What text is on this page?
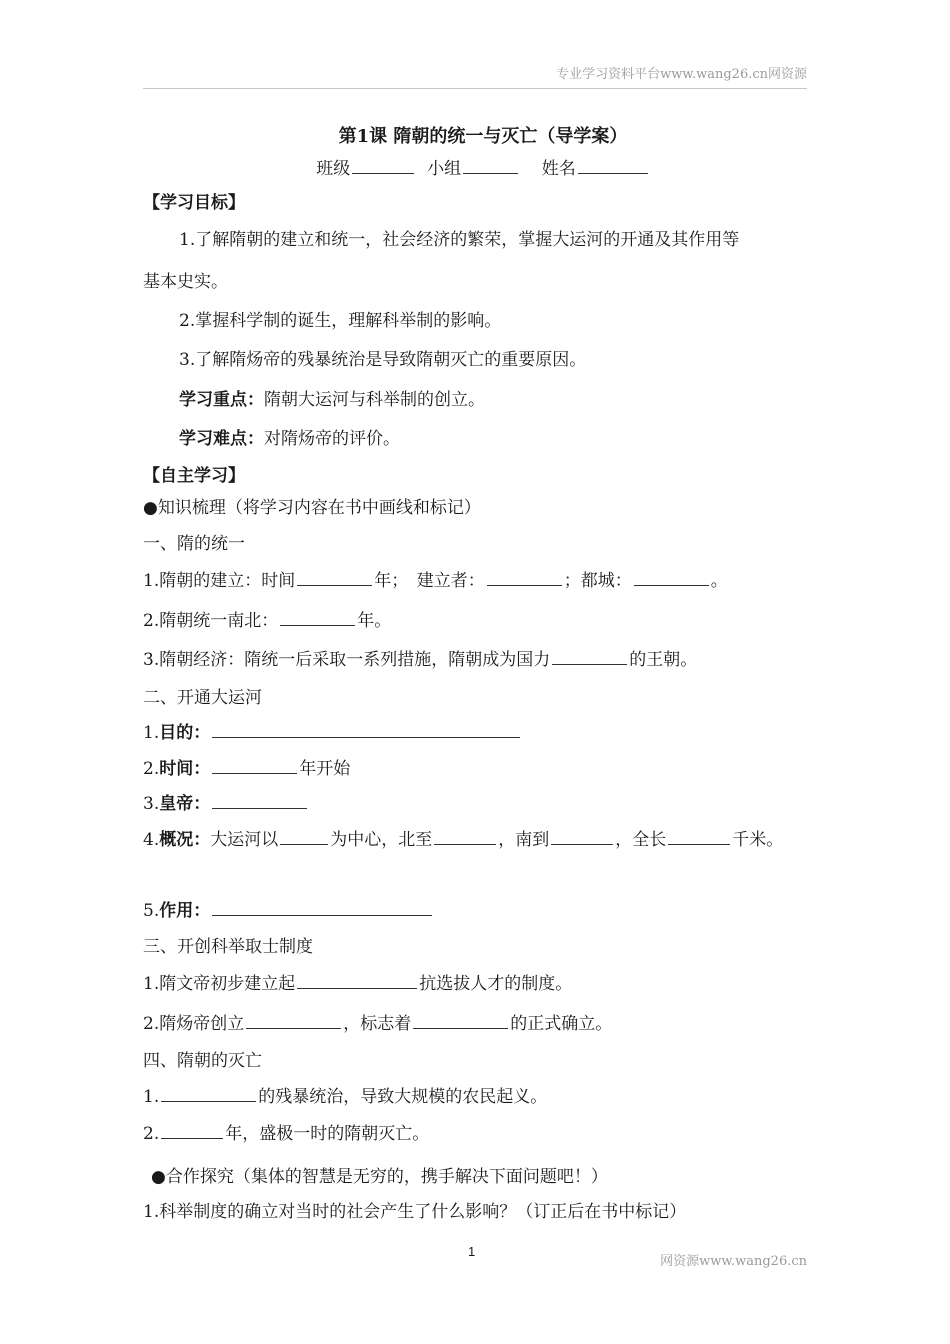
专业学习资料平台www.wang26.cn网资源

第1课 隋朝的统一与灭亡（导学案）

班级	小组	姓名

【学习目标】

1.了解隋朝的建立和统一，社会经济的繁荣，掌握大运河的开通及其作用等

基本史实。

2.掌握科学制的诞生，理解科举制的影响。

3.了解隋炀帝的残暴统治是导致隋朝灭亡的重要原因。

学习重点：隋朝大运河与科举制的创立。

学习难点：对隋炀帝的评价。

【自主学习】

●知识梳理（将学习内容在书中画线和标记）

一、隋的统一

1.隋朝的建立：时间	年；　建立者：	；都城：	。

2.隋朝统一南北：	年。

3.隋朝经济：隋统一后采取一系列措施，隋朝成为国力	的王朝。

二、开通大运河

1.目的：

2.时间：	年开始

3.皇帝：

4.概况：大运河以	为中心，北至	，南到	，全长	千米。

5.作用：

三、开创科举取士制度

1.隋文帝初步建立起	抗选拔人才的制度。

2.隋炀帝创立	，标志着	的正式确立。

四、隋朝的灭亡

1.	的残暴统治，导致大规模的农民起义。

2.	年，盛极一时的隋朝灭亡。

●合作探究（集体的智慧是无穷的，携手解决下面问题吧！）

1.科举制度的确立对当时的社会产生了什么影响？（订正后在书中标记）

1
网资源www.wang26.cn
